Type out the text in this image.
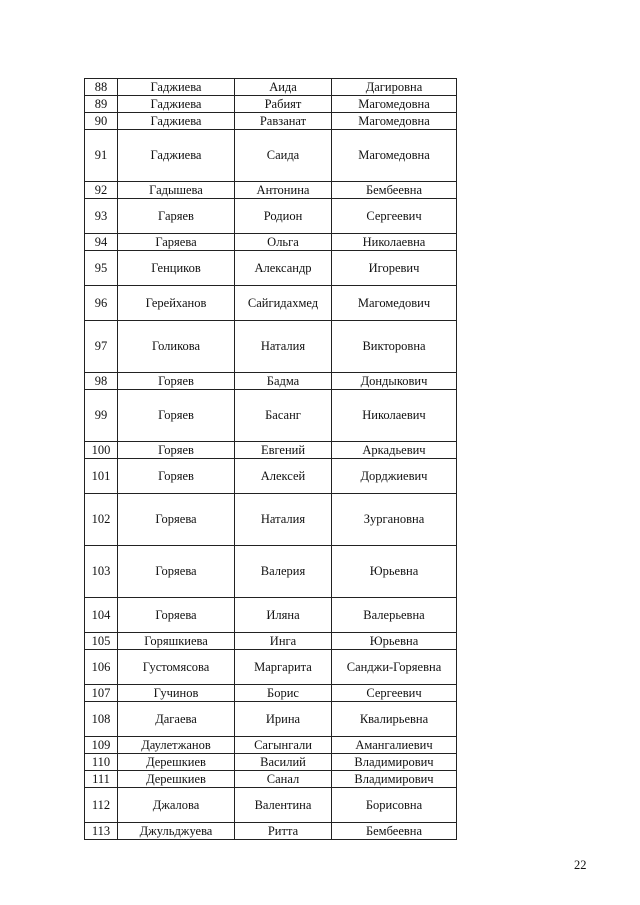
88	Гаджиева	Аида	Дагировна
89	Гаджиева	Рабият	Магомедовна
90	Гаджиева	Равзанат	Магомедовна
91	Гаджиева	Саида	Магомедовна
92	Гадышева	Антонина	Бембеевна
93	Гаряев	Родион	Сергеевич
94	Гаряева	Ольга	Николаевна
95	Генциков	Александр	Игоревич
96	Герейханов	Сайгидахмед	Магомедович
97	Голикова	Наталия	Викторовна
98	Горяев	Бадма	Дондыкович
99	Горяев	Басанг	Николаевич
100	Горяев	Евгений	Аркадьевич
101	Горяев	Алексей	Дорджиевич
102	Горяева	Наталия	Зургановна
103	Горяева	Валерия	Юрьевна
104	Горяева	Иляна	Валерьевна
105	Горяшкиева	Инга	Юрьевна
106	Густомясова	Маргарита	Санджи-Горяевна
107	Гучинов	Борис	Сергеевич
108	Дагаева	Ирина	Квалирьевна
109	Даулетжанов	Сагынгали	Амангалиевич
110	Дерешкиев	Василий	Владимирович
111	Дерешкиев	Санал	Владимирович
112	Джалова	Валентина	Борисовна
113	Джульджуева	Ритта	Бембеевна
22
